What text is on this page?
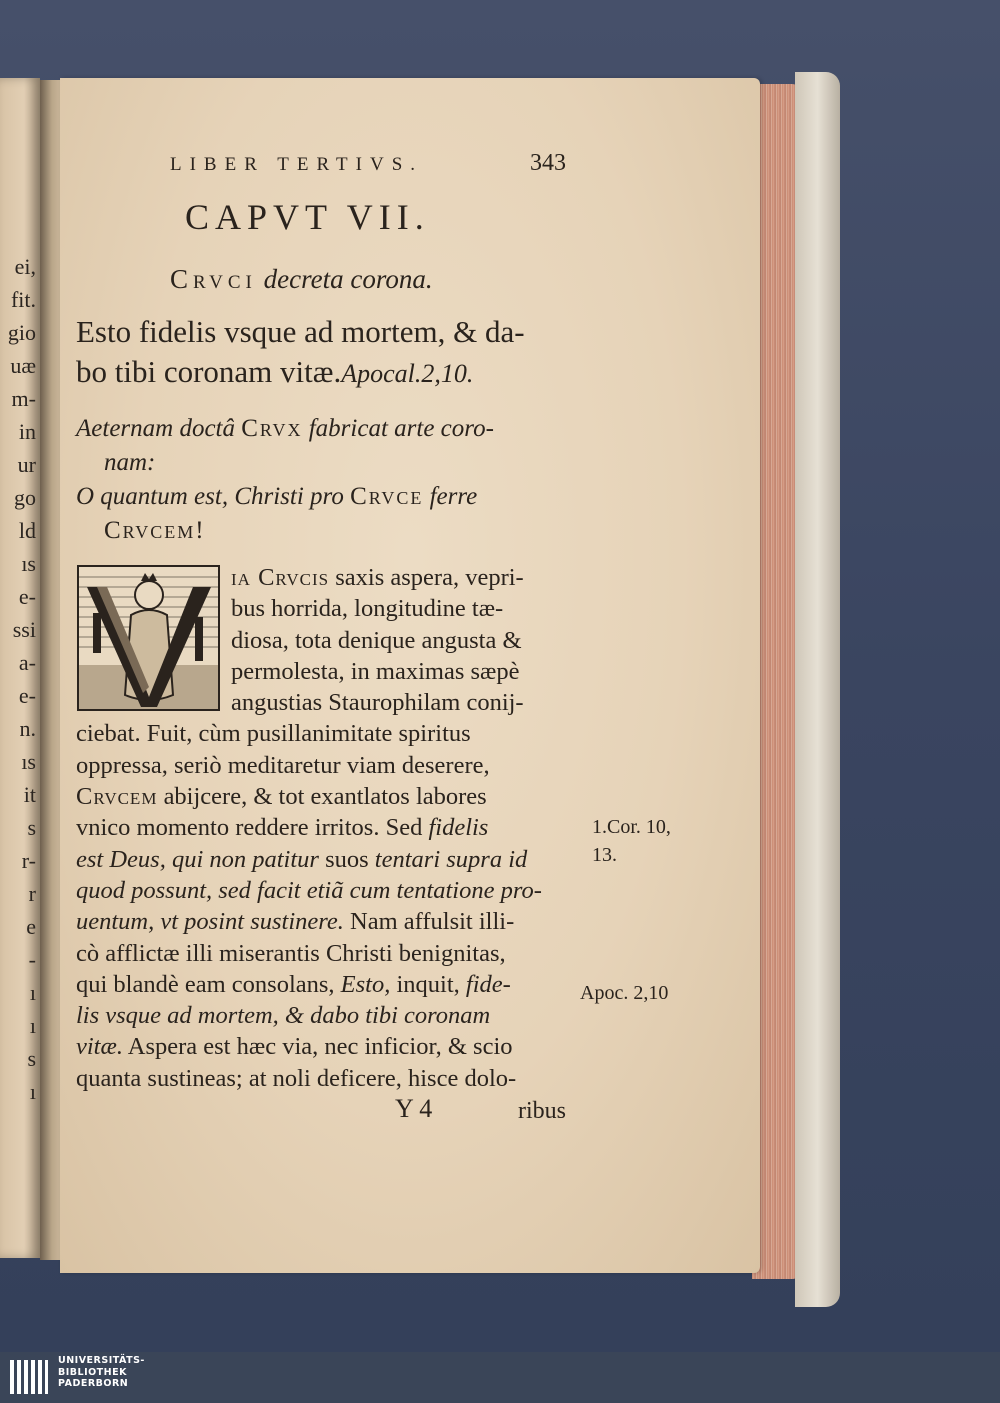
ei,
fit.
gio
uæ
m-
in
ur
go
ld
ıs
e-
ssi
a-
e-
n.
ıs
it
s
r-
r
e
-
ı
ı
s
ı
LIBER TERTIVS.	343
CAPVT VII.
Crvci decreta corona.
Esto fidelis vsque ad mortem, & da-
bo tibi coronam vitæ.Apocal.2,10.
Aeternam doctâ Crvx fabricat arte coro-
nam:
O quantum est, Christi pro Crvce ferre
Crvcem!
ia Crvcis saxis aspera, vepri-
bus horrida, longitudine tæ-
diosa, tota denique angusta &
permolesta, in maximas sæpè
angustias Staurophilam conij-
ciebat. Fuit, cùm pusillanimitate spiritus
oppressa, seriò meditaretur viam deserere,
Crvcem abijcere, & tot exantlatos labores
vnico momento reddere irritos. Sed fidelis
est Deus, qui non patitur suos tentari supra id
quod possunt, sed facit etiã cum tentatione pro-
uentum, vt posint sustinere. Nam affulsit illi-
cò afflictæ illi miserantis Christi benignitas,
qui blandè eam consolans, Esto, inquit, fide-
lis vsque ad mortem, & dabo tibi coronam
vitæ. Aspera est hæc via, nec inficior, & scio
quanta sustineas; at noli deficere, hisce dolo-
1.Cor. 10,
13.
Apoc. 2,10
Y 4	ribus
UNIVERSITÄTS-
BIBLIOTHEK
PADERBORN
